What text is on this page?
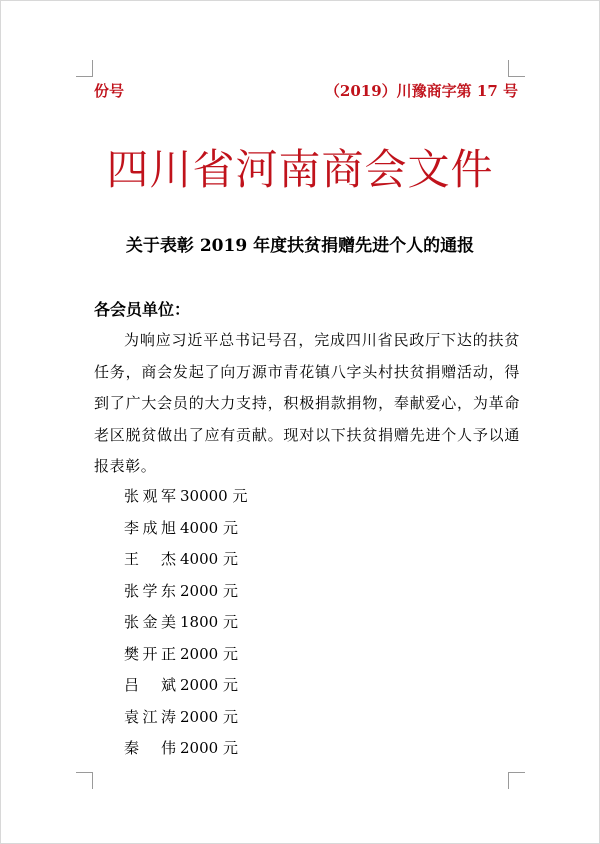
份号	（2019）川豫商字第 17 号
四川省河南商会文件
关于表彰 2019 年度扶贫捐赠先进个人的通报
各会员单位：
为响应习近平总书记号召，完成四川省民政厅下达的扶贫任务，商会发起了向万源市青花镇八字头村扶贫捐赠活动，得到了广大会员的大力支持，积极捐款捐物，奉献爱心，为革命老区脱贫做出了应有贡献。现对以下扶贫捐赠先进个人予以通报表彰。
张观军 30000 元
李成旭 4000 元
王杰 4000 元
张学东 2000 元
张金美 1800 元
樊开正 2000 元
吕斌 2000 元
袁江涛 2000 元
秦伟 2000 元
